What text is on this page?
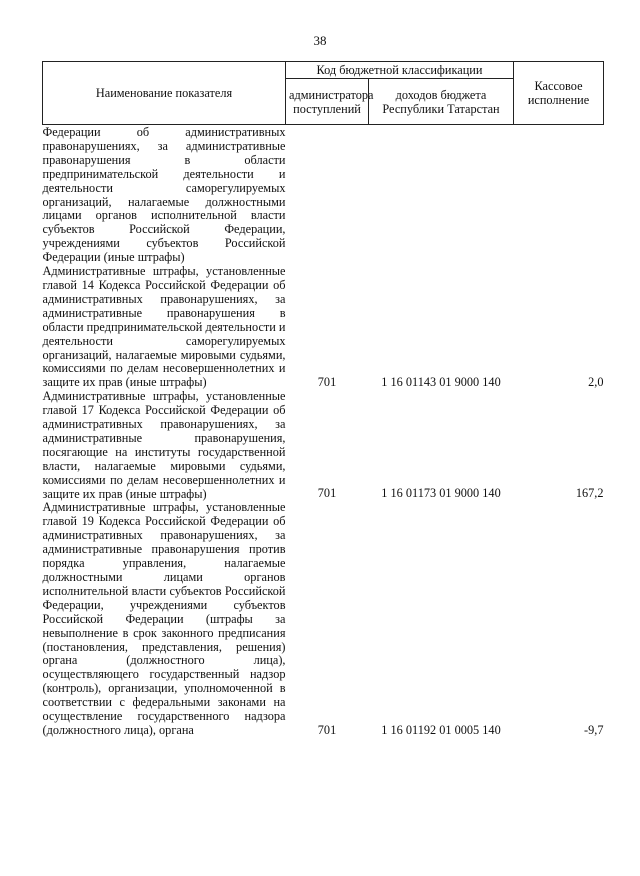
38
Наименование показателя	Код бюджетной классификации		Кассовое исполнение
	администратора поступлений	доходов бюджета Республики Татарстан	
Федерации об административных правонарушениях, за административные правонарушения в области предпринимательской деятельности и деятельности саморегулируемых организаций, налагаемые должностными лицами органов исполнительной власти субъектов Российской Федерации, учреждениями субъектов Российской Федерации (иные штрафы)			
Административные штрафы, установленные главой 14 Кодекса Российской Федерации об административных правонарушениях, за административные правонарушения в области предпринимательской деятельности и деятельности саморегулируемых организаций, налагаемые мировыми судьями, комиссиями по делам несовершеннолетних и защите их прав (иные штрафы)	701	1 16 01143 01 9000 140	2,0
Административные штрафы, установленные главой 17 Кодекса Российской Федерации об административных правонарушениях, за административные правонарушения, посягающие на институты государственной власти, налагаемые мировыми судьями, комиссиями по делам несовершеннолетних и защите их прав (иные штрафы)	701	1 16 01173 01 9000 140	167,2
Административные штрафы, установленные главой 19 Кодекса Российской Федерации об административных правонарушениях, за административные правонарушения против порядка управления, налагаемые должностными лицами органов исполнительной власти субъектов Российской Федерации, учреждениями субъектов Российской Федерации (штрафы за невыполнение в срок законного предписания (постановления, представления, решения) органа (должностного лица), осуществляющего государственный надзор (контроль), организации, уполномоченной в соответствии с федеральными законами на осуществление государственного надзора (должностного лица), органа	701	1 16 01192 01 0005 140	-9,7
